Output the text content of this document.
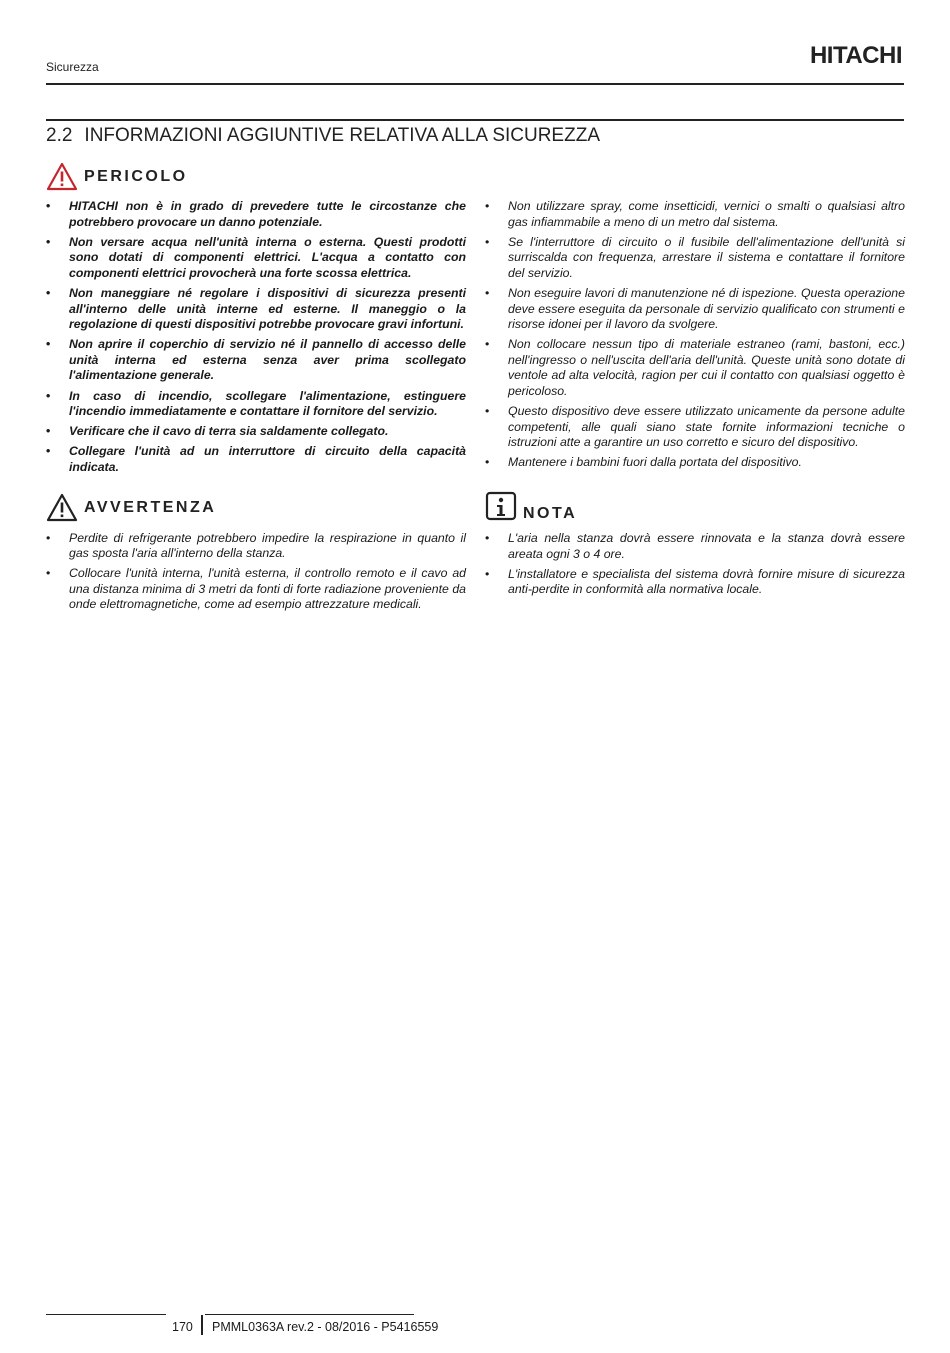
Sicurezza	HITACHI
2.2 INFORMAZIONI AGGIUNTIVE RELATIVA ALLA SICUREZZA
PERICOLO
• HITACHI non è in grado di prevedere tutte le circostanze che potrebbero provocare un danno potenziale.
• Non versare acqua nell'unità interna o esterna. Questi prodotti sono dotati di componenti elettrici. L'acqua a contatto con componenti elettrici provocherà una forte scossa elettrica.
• Non maneggiare né regolare i dispositivi di sicurezza presenti all'interno delle unità interne ed esterne. Il maneggio o la regolazione di questi dispositivi potrebbe provocare gravi infortuni.
• Non aprire il coperchio di servizio né il pannello di accesso delle unità interna ed esterna senza aver prima scollegato l'alimentazione generale.
• In caso di incendio, scollegare l'alimentazione, estinguere l'incendio immediatamente e contattare il fornitore del servizio.
• Verificare che il cavo di terra sia saldamente collegato.
• Collegare l'unità ad un interruttore di circuito della capacità indicata.
AVVERTENZA
• Perdite di refrigerante potrebbero impedire la respirazione in quanto il gas sposta l'aria all'interno della stanza.
• Collocare l'unità interna, l'unità esterna, il controllo remoto e il cavo ad una distanza minima di 3 metri da fonti di forte radiazione proveniente da onde elettromagnetiche, come ad esempio attrezzature medicali.
• Non utilizzare spray, come insetticidi, vernici o smalti o qualsiasi altro gas infiammabile a meno di un metro dal sistema.
• Se l'interruttore di circuito o il fusibile dell'alimentazione dell'unità si surriscalda con frequenza, arrestare il sistema e contattare il fornitore del servizio.
• Non eseguire lavori di manutenzione né di ispezione. Questa operazione deve essere eseguita da personale di servizio qualificato con strumenti e risorse idonei per il lavoro da svolgere.
• Non collocare nessun tipo di materiale estraneo (rami, bastoni, ecc.) nell'ingresso o nell'uscita dell'aria dell'unità. Queste unità sono dotate di ventole ad alta velocità, ragion per cui il contatto con qualsiasi oggetto è pericoloso.
• Questo dispositivo deve essere utilizzato unicamente da persone adulte competenti, alle quali siano state fornite informazioni tecniche o istruzioni atte a garantire un uso corretto e sicuro del dispositivo.
• Mantenere i bambini fuori dalla portata del dispositivo.
NOTA
• L'aria nella stanza dovrà essere rinnovata e la stanza dovrà essere areata ogni 3 o 4 ore.
• L'installatore e specialista del sistema dovrà fornire misure di sicurezza anti-perdite in conformità alla normativa locale.
170 PMML0363A rev.2 - 08/2016 - P5416559
